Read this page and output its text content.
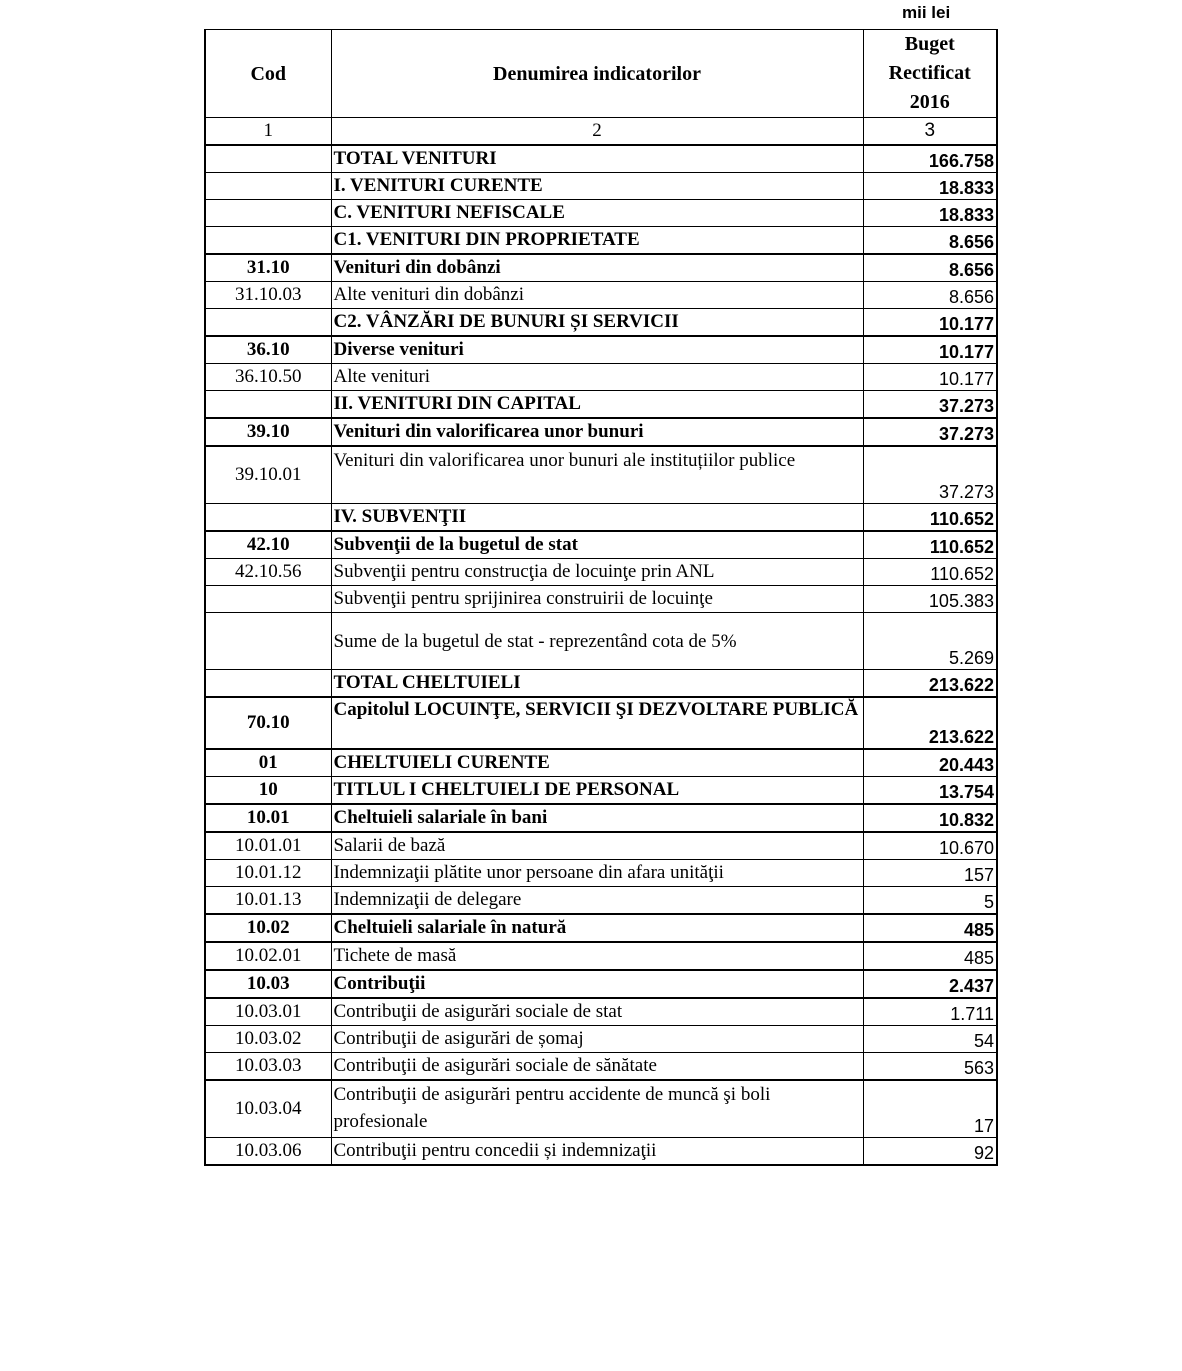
mii lei
Cod	Denumirea indicatorilor	Buget
Rectificat
2016

1	2	3
	TOTAL VENITURI	166.758
	I. VENITURI CURENTE	18.833
	C. VENITURI NEFISCALE	18.833
	C1. VENITURI DIN PROPRIETATE	8.656
31.10	Venituri din dobânzi	8.656
31.10.03	Alte venituri din dobânzi	8.656
	C2. VÂNZĂRI DE BUNURI ȘI SERVICII	10.177
36.10	Diverse venituri	10.177
36.10.50	Alte venituri	10.177
	II. VENITURI DIN CAPITAL	37.273
39.10	Venituri din valorificarea unor bunuri	37.273
39.10.01	Venituri din valorificarea unor bunuri ale instituțiilor publice	37.273
	IV. SUBVENŢII	110.652
42.10	Subvenţii de la bugetul de stat	110.652
42.10.56	Subvenţii pentru construcţia de locuinţe prin ANL	110.652
	Subvenţii pentru sprijinirea construirii de locuinţe	105.383
	Sume de la bugetul de stat - reprezentând cota de 5%	5.269
	TOTAL CHELTUIELI	213.622
70.10	Capitolul LOCUINŢE, SERVICII ŞI DEZVOLTARE PUBLICĂ	213.622
01	CHELTUIELI CURENTE	20.443
10	TITLUL I CHELTUIELI DE PERSONAL	13.754
10.01	Cheltuieli salariale în bani	10.832
10.01.01	Salarii de bază	10.670
10.01.12	Indemnizaţii plătite unor persoane din afara unităţii	157
10.01.13	Indemnizaţii de delegare	5
10.02	Cheltuieli salariale în natură	485
10.02.01	Tichete de masă	485
10.03	Contribuţii	2.437
10.03.01	Contribuţii de asigurări sociale de stat	1.711
10.03.02	Contribuţii de asigurări de șomaj	54
10.03.03	Contribuţii de asigurări sociale de sănătate	563
10.03.04	Contribuţii de asigurări pentru accidente de muncă şi boli profesionale	17
10.03.06	Contribuţii pentru concedii și indemnizaţii	92
